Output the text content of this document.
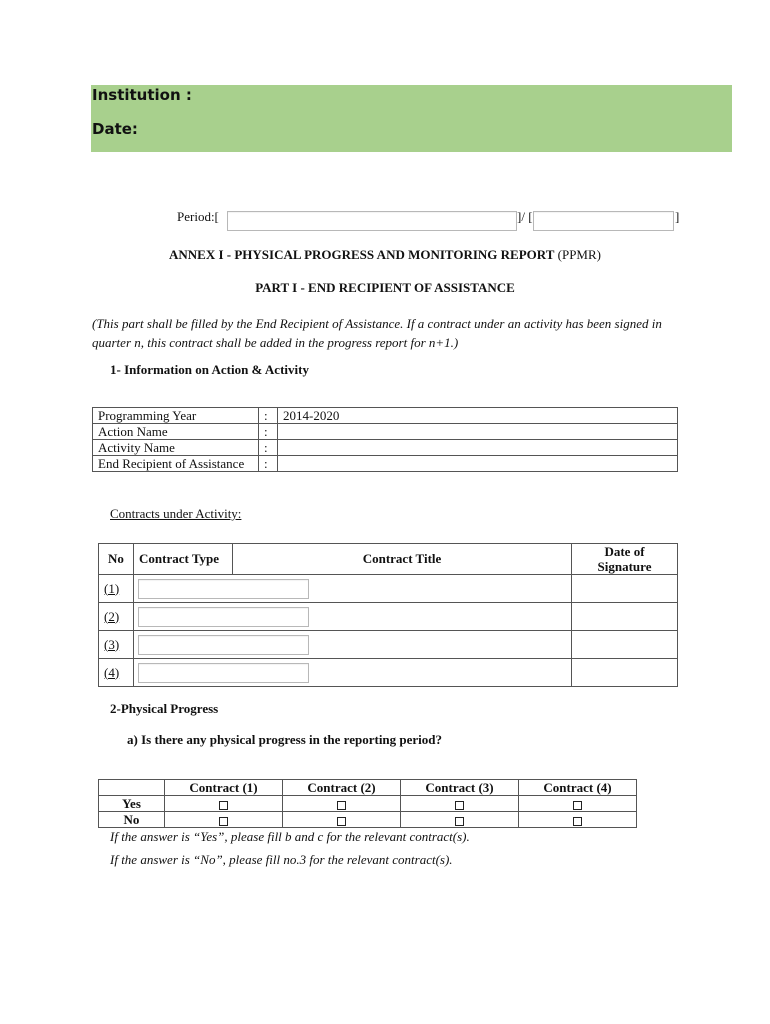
Institution :
Date:
Period:[	]/ [	]
ANNEX I - PHYSICAL PROGRESS AND MONITORING REPORT (PPMR)
PART I - END RECIPIENT OF ASSISTANCE
(This part shall be filled by the End Recipient of Assistance. If a contract under an activity has been signed in quarter n, this contract shall be added in the progress report for n+1.)
1- Information on Action & Activity
Programming Year	:	2014-2020
Action Name	:	
Activity Name	:	
End Recipient of Assistance	:	
Contracts under Activity:
No	Contract Type	Contract Title	Date of Signature
(1)		
(2)		
(3)		
(4)		
2-Physical Progress
a) Is there any physical progress in the reporting period?
	Contract (1)	Contract (2)	Contract (3)	Contract (4)
Yes				
No				
If the answer is “Yes”, please fill b and c for the relevant contract(s).
If the answer is “No”, please fill no.3 for the relevant contract(s).
